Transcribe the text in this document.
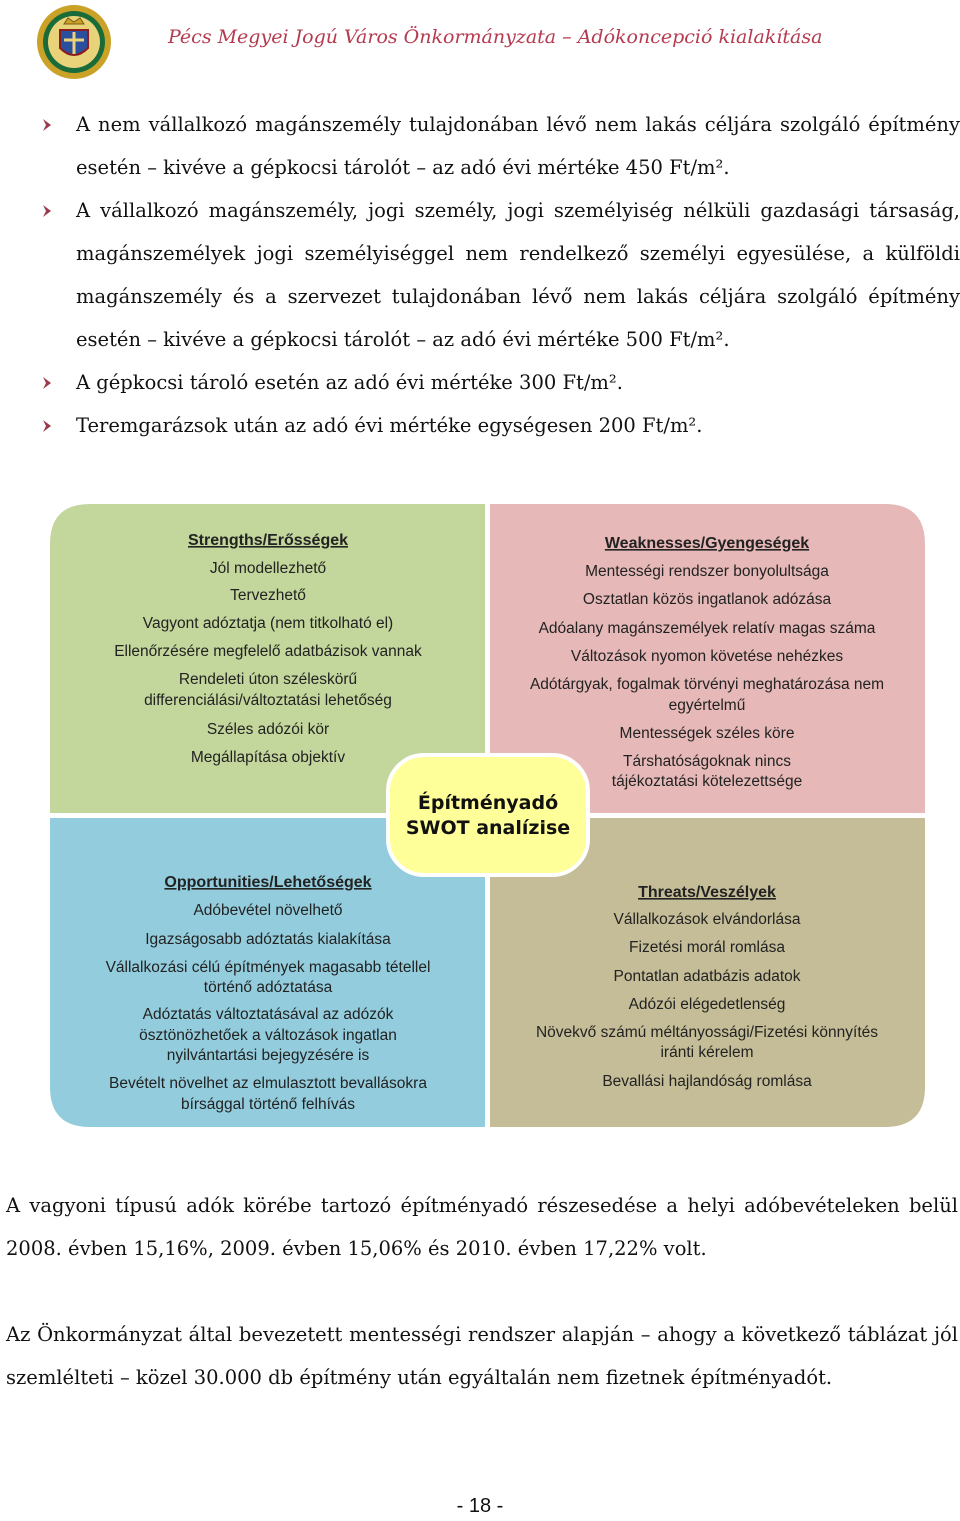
Pécs Megyei Jogú Város Önkormányzata – Adókoncepció kialakítása
A nem vállalkozó magánszemély tulajdonában lévő nem lakás céljára szolgáló építmény esetén – kivéve a gépkocsi tárolót – az adó évi mértéke 450 Ft/m².
A vállalkozó magánszemély, jogi személy, jogi személyiség nélküli gazdasági társaság, magánszemélyek jogi személyiséggel nem rendelkező személyi egyesülése, a külföldi magánszemély és a szervezet tulajdonában lévő nem lakás céljára szolgáló építmény esetén – kivéve a gépkocsi tárolót – az adó évi mértéke 500 Ft/m².
A gépkocsi tároló esetén az adó évi mértéke 300 Ft/m².
Teremgarázsok után az adó évi mértéke egységesen 200 Ft/m².
Strengths/Erősségek
Jól modellezhető
Tervezhető
Vagyont adóztatja (nem titkolható el)
Ellenőrzésére megfelelő adatbázisok vannak
Rendeleti úton széleskörű
differenciálási/változtatási lehetőség
Széles adózói kör
Megállapítása objektív
Weaknesses/Gyengeségek
Mentességi rendszer bonyolultsága
Osztatlan közös ingatlanok adózása
Adóalany magánszemélyek relatív magas száma
Változások nyomon követése nehézkes
Adótárgyak, fogalmak törvényi meghatározása nem
egyértelmű
Mentességek széles köre
Társhatóságoknak nincs
tájékoztatási kötelezettsége
Építményadó
SWOT analízise
Opportunities/Lehetőségek
Adóbevétel növelhető
Igazságosabb adóztatás kialakítása
Vállalkozási célú építmények magasabb tétellel
történő adóztatása
Adóztatás változtatásával az adózók
ösztönözhetőek a változások ingatlan
nyilvántartási bejegyzésére is
Bevételt növelhet az elmulasztott bevallásokra
bírsággal történő felhívás
Threats/Veszélyek
Vállalkozások elvándorlása
Fizetési morál romlása
Pontatlan adatbázis adatok
Adózói elégedetlenség
Növekvő számú méltányossági/Fizetési könnyítés
iránti kérelem
Bevallási hajlandóság romlása
A vagyoni típusú adók körébe tartozó építményadó részesedése a helyi adóbevételeken belül 2008. évben 15,16%, 2009. évben 15,06% és 2010. évben 17,22% volt.
Az Önkormányzat által bevezetett mentességi rendszer alapján – ahogy a következő táblázat jól szemlélteti – közel 30.000 db építmény után egyáltalán nem fizetnek építményadót.
- 18 -
